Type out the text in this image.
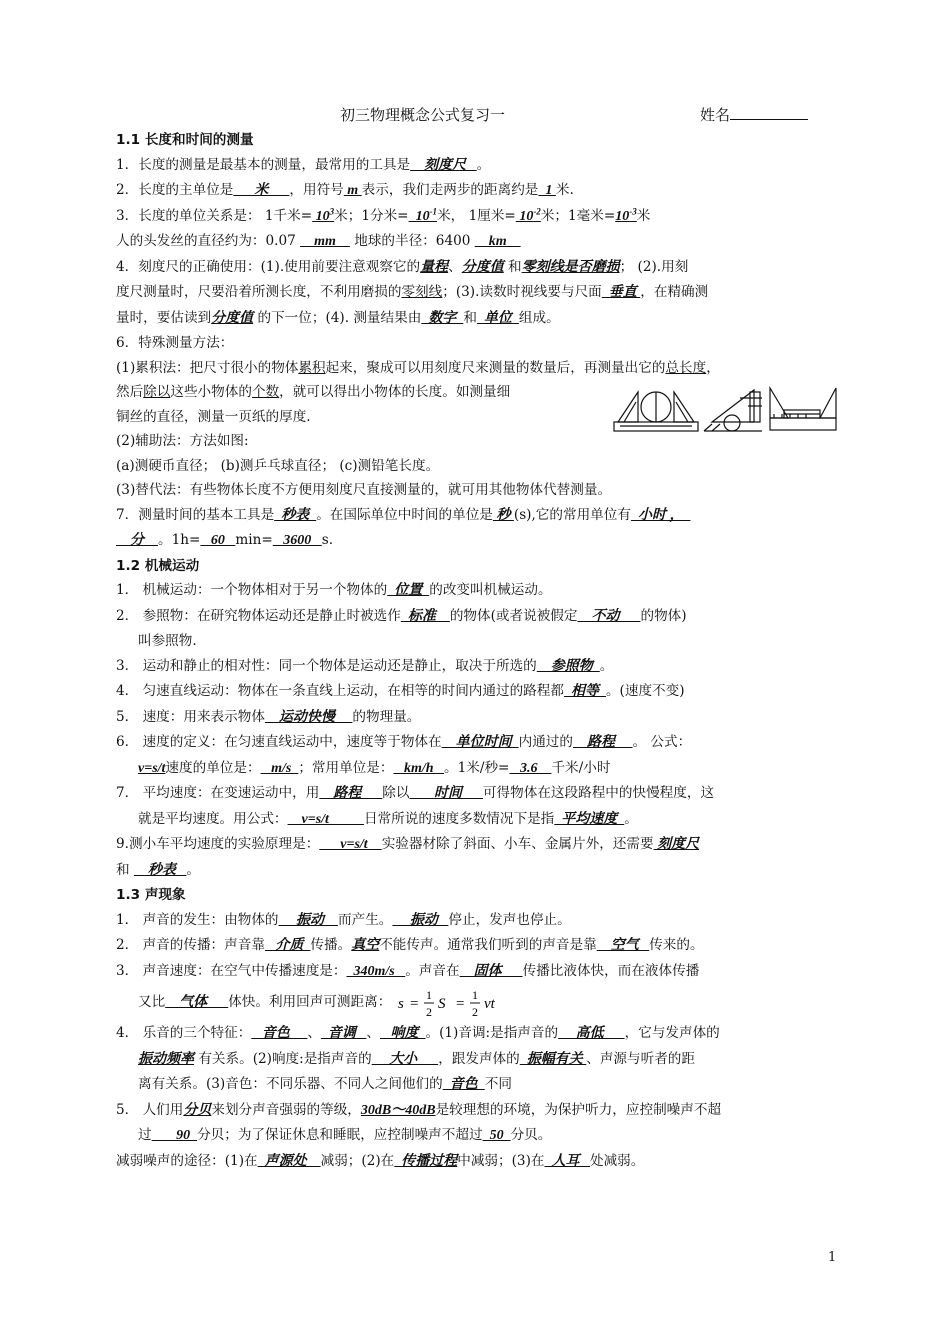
初三物理概念公式复习一	姓名
1.1 长度和时间的测量
1．长度的测量是最基本的测量，最常用的工具是    刻度尺   。
2．长度的主单位是      米      ，用符号 m 表示，我们走两步的距离约是  1 米.
3．长度的单位关系是： 1千米= $10^3$米；1分米=  $10^{-1}$米， 1厘米= $10^{-2}$米；1毫米$=10^{-3}$米
人的头发丝的直径约为：0.07     mm     地球的半径：6400     km
4．刻度尺的正确使用：(1).使用前要注意观察它的量程、分度值 和零刻线是否磨损； (2).用刻
度尺测量时，尺要沿着所测长度，不利用磨损的零刻线；(3).读数时视线要与尺面  垂直 ，在精确测
量时，要估读到分度值 的下一位；(4). 测量结果由  数字  和  单位  组成。
6．特殊测量方法：
(1)累积法：把尺寸很小的物体累积起来，聚成可以用刻度尺来测量的数量后，再测量出它的总长度，
然后除以这些小物体的个数，就可以得出小物体的长度。如测量细
铜丝的直径，测量一页纸的厚度.
(2)辅助法：方法如图:
(a)测硬币直径； (b)测乒乓球直径； (c)测铅笔长度。
(3)替代法：有些物体长度不方便用刻度尺直接测量的，就可用其他物体代替测量。
7．测量时间的基本工具是  秒表  。在国际单位中时间的单位是 秒 (s),它的常用单位有  小时 ，
分    。1h=   60   min=   3600   s.
1.2 机械运动
1． 机械运动：一个物体相对于另一个物体的  位置  的改变叫机械运动。
2． 参照物：在研究物体运动还是静止时被选作  标准    的物体(或者说被假定    不动      的物体)
叫参照物.
3． 运动和静止的相对性：同一个物体是运动还是静止，取决于所选的    参照物  。
4． 匀速直线运动：物体在一条直线上运动，在相等的时间内通过的路程都  相等  。(速度不变)
5． 速度：用来表示物体    运动快慢     的物理量。
6． 速度的定义：在匀速直线运动中，速度等于物体在    单位时间  内通过的    路程     。 公式：
v=s/t速度的单位是：   m/s  ；常用单位是：   km/h   。1米/秒=   3.6    千米/小时
7． 平均速度：在变速运动中，用    路程      除以  _   时间      可得物体在这段路程中的快慢程度，这
就是平均速度。用公式：    v=s/t          日常所说的速度多数情况下是指  平均速度  。
9.测小车平均速度的实验原理是：      v=s/t    实验器材除了斜面、小车、金属片外，还需要 刻度尺
和     秒表   。
1.3 声现象
1． 声音的发生：由物体的     振动    而产生。     振动   停止，发声也停止。
2． 声音的传播：声音靠   介质  传播。真空不能传声。通常我们听到的声音是靠    空气   传来的。
3． 声音速度：在空气中传播速度是：  340m/s   。声音在    固体      传播比液体快，而在液体传播
又比    气体      体快。利用回声可测距离： s =
1
2 S =
1
2 vt
4． 乐音的三个特征：   音色     、  音调   、   响度  。(1)音调:是指声音的     高低      ，它与发声体的
振动频率 有关系。(2)响度:是指声音的     大小      ，跟发声体的  振幅有关 、声源与听者的距
离有关系。(3)音色：不同乐器、不同人之间他们的  音色  不同
5． 人们用分贝来划分声音强弱的等级，30dB～40dB是较理想的环境，为保护听力，应控制噪声不超
过       90  分贝；为了保证休息和睡眠，应控制噪声不超过  50  分贝。
减弱噪声的途径：(1)在  声源处    减弱；(2)在  传播过程中减弱；(3)在  人耳   处减弱。
1
